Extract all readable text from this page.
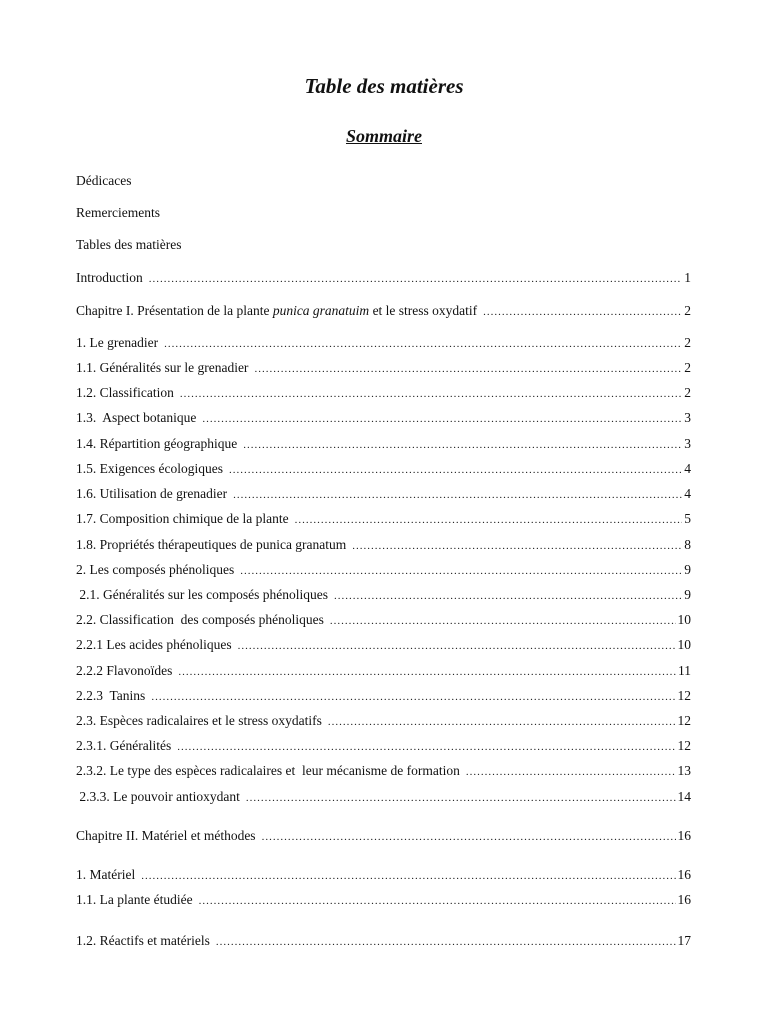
Table des matières
Sommaire
Dédicaces
Remerciements
Tables des matières
Introduction .....	1
Chapitre I. Présentation de la plante punica granatuim et le stress oxydatif .....	2
1. Le grenadier .....	2
1.1. Généralités sur le grenadier .....	2
1.2. Classification .....	2
1.3.  Aspect botanique .....	3
1.4. Répartition géographique .....	3
1.5. Exigences écologiques .....	4
1.6. Utilisation de grenadier .....	4
1.7. Composition chimique de la plante .....	5
1.8. Propriétés thérapeutiques de punica granatum .....	8
2. Les composés phénoliques .....	9
2.1. Généralités sur les composés phénoliques .....	9
2.2. Classification  des composés phénoliques .....	10
2.2.1 Les acides phénoliques .....	10
2.2.2 Flavonoïdes .....	11
2.2.3  Tanins .....	12
2.3. Espèces radicalaires et le stress oxydatifs .....	12
2.3.1. Généralités .....	12
2.3.2. Le type des espèces radicalaires et  leur mécanisme de formation .....	13
2.3.3. Le pouvoir antioxydant .....	14
Chapitre II. Matériel et méthodes .....	16
1. Matériel .....	16
1.1. La plante étudiée .....	16
1.2. Réactifs et matériels .....	17
